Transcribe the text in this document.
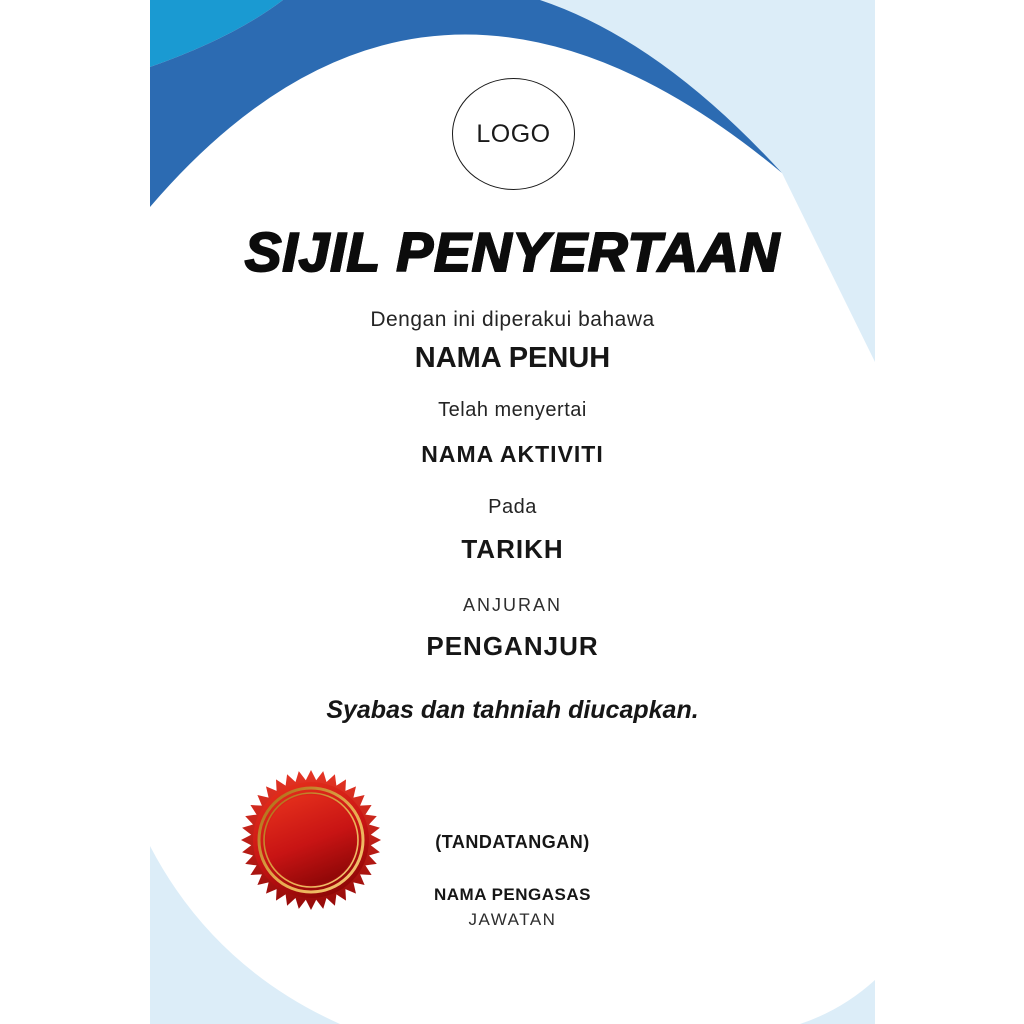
LOGO
SIJIL PENYERTAAN
Dengan ini diperakui bahawa
NAMA PENUH
Telah menyertai
NAMA AKTIVITI
Pada
TARIKH
ANJURAN
PENGANJUR
Syabas dan tahniah diucapkan.
(TANDATANGAN)
NAMA PENGASAS
JAWATAN
